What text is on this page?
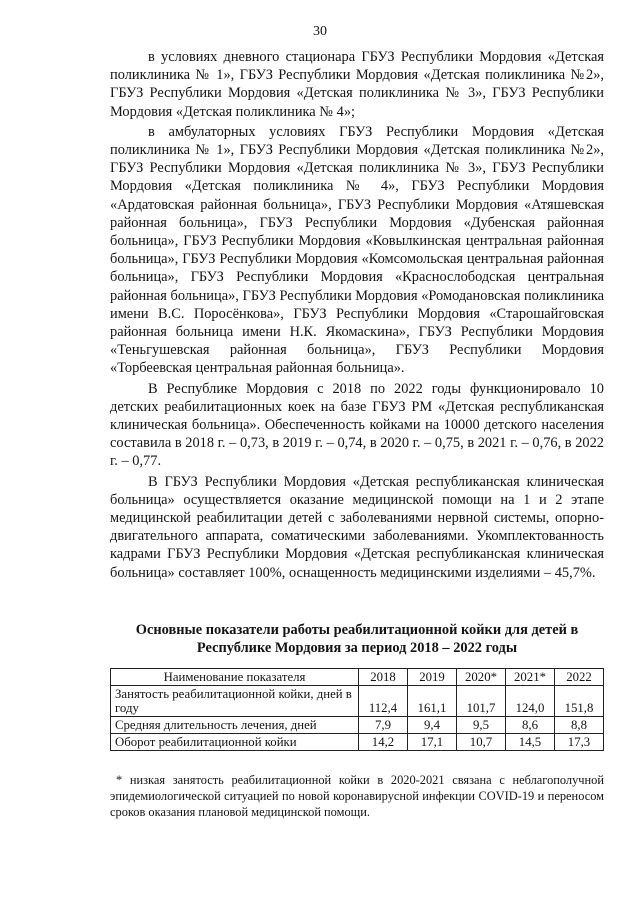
30

в условиях дневного стационара ГБУЗ Республики Мордовия «Детская поликлиника № 1», ГБУЗ Республики Мордовия «Детская поликлиника №2», ГБУЗ Республики Мордовия «Детская поликлиника № 3», ГБУЗ Республики Мордовия «Детская поликлиника № 4»;

в амбулаторных условиях ГБУЗ Республики Мордовия «Детская поликлиника № 1», ГБУЗ Республики Мордовия «Детская поликлиника №2», ГБУЗ Республики Мордовия «Детская поликлиника № 3», ГБУЗ Республики Мордовия «Детская поликлиника № 4», ГБУЗ Республики Мордовия «Ардатовская районная больница», ГБУЗ Республики Мордовия «Атяшевская районная больница», ГБУЗ Республики Мордовия «Дубенская районная больница», ГБУЗ Республики Мордовия «Ковылкинская центральная районная больница», ГБУЗ Республики Мордовия «Комсомольская центральная районная больница», ГБУЗ Республики Мордовия «Краснослободская центральная районная больница», ГБУЗ Республики Мордовия «Ромодановская поликлиника имени В.С. Поросёнкова», ГБУЗ Республики Мордовия «Старошайговская районная больница имени Н.К. Якомаскина», ГБУЗ Республики Мордовия «Теньгушевская районная больница», ГБУЗ Республики Мордовия «Торбеевская центральная районная больница».

В Республике Мордовия с 2018 по 2022 годы функционировало 10 детских реабилитационных коек на базе ГБУЗ РМ «Детская республиканская клиническая больница». Обеспеченность койками на 10000 детского населения составила в 2018 г. – 0,73, в 2019 г. – 0,74, в 2020 г. – 0,75, в 2021 г. – 0,76, в 2022 г. – 0,77.

В ГБУЗ Республики Мордовия «Детская республиканская клиническая больница» осуществляется оказание медицинской помощи на 1 и 2 этапе медицинской реабилитации детей с заболеваниями нервной системы, опорно-двигательного аппарата, соматическими заболеваниями. Укомплектованность кадрами ГБУЗ Республики Мордовия «Детская республиканская клиническая больница» составляет 100%, оснащенность медицинскими изделиями – 45,7%.

Основные показатели работы реабилитационной койки для детей в Республике Мордовия за период 2018 – 2022 годы
Наименование показателя	2018	2019	2020*	2021*	2022
Занятость реабилитационной койки, дней в году	112,4	161,1	101,7	124,0	151,8
Средняя длительность лечения, дней	7,9	9,4	9,5	8,6	8,8
Оборот реабилитационной койки	14,2	17,1	10,7	14,5	17,3
* низкая занятость реабилитационной койки в 2020-2021 связана с неблагополучной эпидемиологической ситуацией по новой коронавирусной инфекции COVID-19 и переносом сроков оказания плановой медицинской помощи.
